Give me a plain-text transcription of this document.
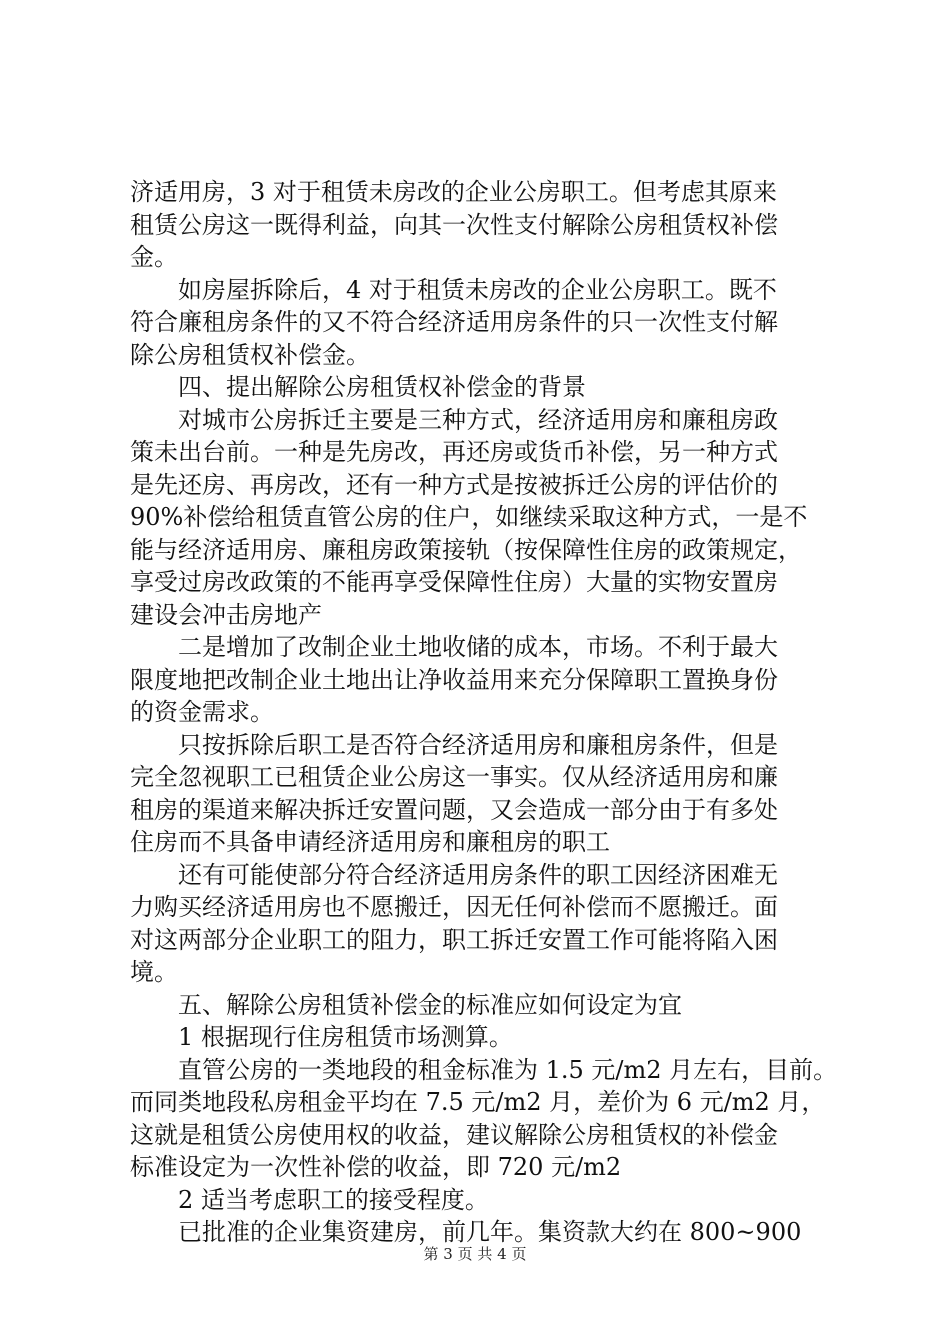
济适用房，3 对于租赁未房改的企业公房职工。但考虑其原来
租赁公房这一既得利益，向其一次性支付解除公房租赁权补偿
金。
如房屋拆除后，4 对于租赁未房改的企业公房职工。既不
符合廉租房条件的又不符合经济适用房条件的只一次性支付解
除公房租赁权补偿金。
四、提出解除公房租赁权补偿金的背景
对城市公房拆迁主要是三种方式，经济适用房和廉租房政
策未出台前。一种是先房改，再还房或货币补偿，另一种方式
是先还房、再房改，还有一种方式是按被拆迁公房的评估价的
90%补偿给租赁直管公房的住户，如继续采取这种方式，一是不
能与经济适用房、廉租房政策接轨（按保障性住房的政策规定，
享受过房改政策的不能再享受保障性住房）大量的实物安置房
建设会冲击房地产
二是增加了改制企业土地收储的成本，市场。不利于最大
限度地把改制企业土地出让净收益用来充分保障职工置换身份
的资金需求。
只按拆除后职工是否符合经济适用房和廉租房条件，但是
完全忽视职工已租赁企业公房这一事实。仅从经济适用房和廉
租房的渠道来解决拆迁安置问题，又会造成一部分由于有多处
住房而不具备申请经济适用房和廉租房的职工
还有可能使部分符合经济适用房条件的职工因经济困难无
力购买经济适用房也不愿搬迁，因无任何补偿而不愿搬迁。面
对这两部分企业职工的阻力，职工拆迁安置工作可能将陷入困
境。
五、解除公房租赁补偿金的标准应如何设定为宜
1 根据现行住房租赁市场测算。
直管公房的一类地段的租金标准为 1.5 元/m2 月左右，目前。
而同类地段私房租金平均在 7.5 元/m2 月，差价为 6 元/m2 月，
这就是租赁公房使用权的收益，建议解除公房租赁权的补偿金
标准设定为一次性补偿的收益，即 720 元/m2
2 适当考虑职工的接受程度。
已批准的企业集资建房，前几年。集资款大约在 800~900
第 3 页 共 4 页
